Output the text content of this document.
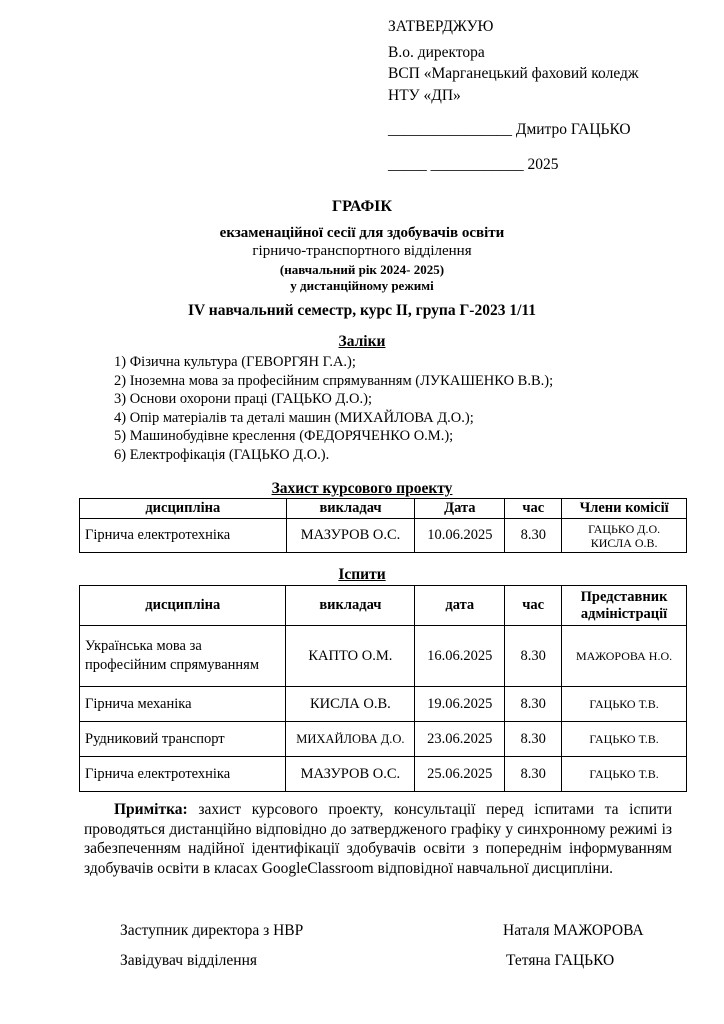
ЗАТВЕРДЖУЮ
В.о. директора
ВСП «Марганецький фаховий коледж
НТУ «ДП»
________________ Дмитро ГАЦЬКО
_____ ____________ 2025
ГРАФІК
екзаменаційної сесії для здобувачів освіти
гірничо-транспортного відділення
(навчальний рік 2024- 2025)
у дистанційному режимі
IV навчальний семестр, курс ІІ, група Г-2023 1/11
Заліки
1) Фізична культура (ГЕВОРГЯН Г.А.);
2) Іноземна мова за професійним спрямуванням (ЛУКАШЕНКО В.В.);
3) Основи охорони праці (ГАЦЬКО Д.О.);
4) Опір матеріалів та деталі машин (МИХАЙЛОВА Д.О.);
5) Машинобудівне креслення (ФЕДОРЯЧЕНКО О.М.);
6) Електрофікація (ГАЦЬКО Д.О.).
Захист курсового проекту
дисципліна	викладач	Дата	час	Члени комісії
Гірнича електротехніка	МАЗУРОВ О.С.	10.06.2025	8.30	ГАЦЬКО Д.О.
КИСЛА О.В.
Іспити
дисципліна	викладач	дата	час	Представник адміністрації
Українська мова за професійним спрямуванням	КАПТО О.М.	16.06.2025	8.30	МАЖОРОВА Н.О.
Гірнича механіка	КИСЛА О.В.	19.06.2025	8.30	ГАЦЬКО Т.В.
Рудниковий транспорт	МИХАЙЛОВА Д.О.	23.06.2025	8.30	ГАЦЬКО Т.В.
Гірнича електротехніка	МАЗУРОВ О.С.	25.06.2025	8.30	ГАЦЬКО Т.В.
Примітка: захист курсового проекту, консультації перед іспитами та іспити проводяться дистанційно відповідно до затвердженого графіку у синхронному режимі із забезпеченням надійної ідентифікації здобувачів освіти з попереднім інформуванням здобувачів освіти в класах GoogleClassroom відповідної навчальної дисципліни.
Заступник директора з НВР	Наталя МАЖОРОВА
Завідувач відділення	Тетяна ГАЦЬКО
